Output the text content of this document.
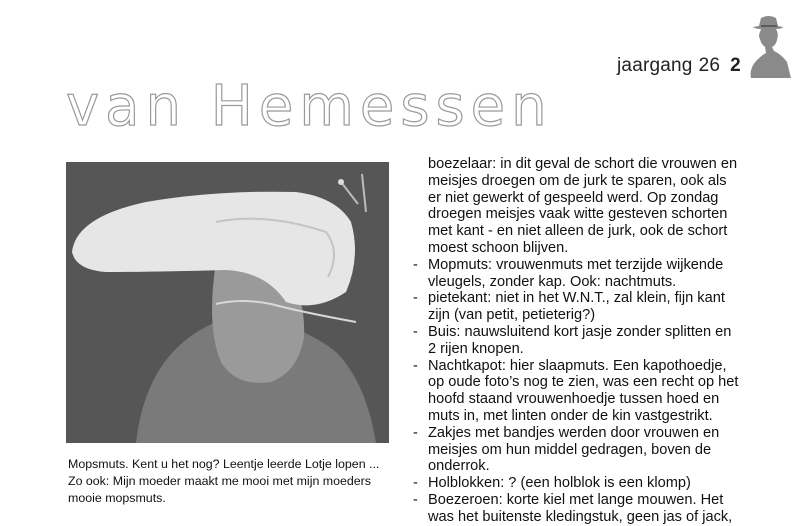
jaargang 26 2
van Hemessen
Mopsmuts. Kent u het nog? Leentje leerde Lotje lopen ...
Zo ook: Mijn moeder maakt me mooi met mijn moeders
mooie mopsmuts.
boezelaar: in dit geval de schort die vrouwen en
meisjes droegen om de jurk te sparen, ook als
er niet gewerkt of gespeeld werd. Op zondag
droegen meisjes vaak witte gesteven schorten
met kant - en niet alleen de jurk, ook de schort
moest schoon blijven.
- Mopmuts: vrouwenmuts met terzijde wijkende
vleugels, zonder kap. Ook: nachtmuts.
- pietekant: niet in het W.N.T., zal klein, fijn kant
zijn (van petit, petieterig?)
- Buis: nauwsluitend kort jasje zonder splitten en
2 rijen knopen.
- Nachtkapot: hier slaapmuts. Een kapothoedje,
op oude foto’s nog te zien, was een recht op het
hoofd staand vrouwenhoedje tussen hoed en
muts in, met linten onder de kin vastgestrikt.
- Zakjes met bandjes werden door vrouwen en
meisjes om hun middel gedragen, boven de
onderrok.
- Holblokken: ? (een holblok is een klomp)
- Boezeroen: korte kiel met lange mouwen. Het
was het buitenste kledingstuk, geen jas of jack,
